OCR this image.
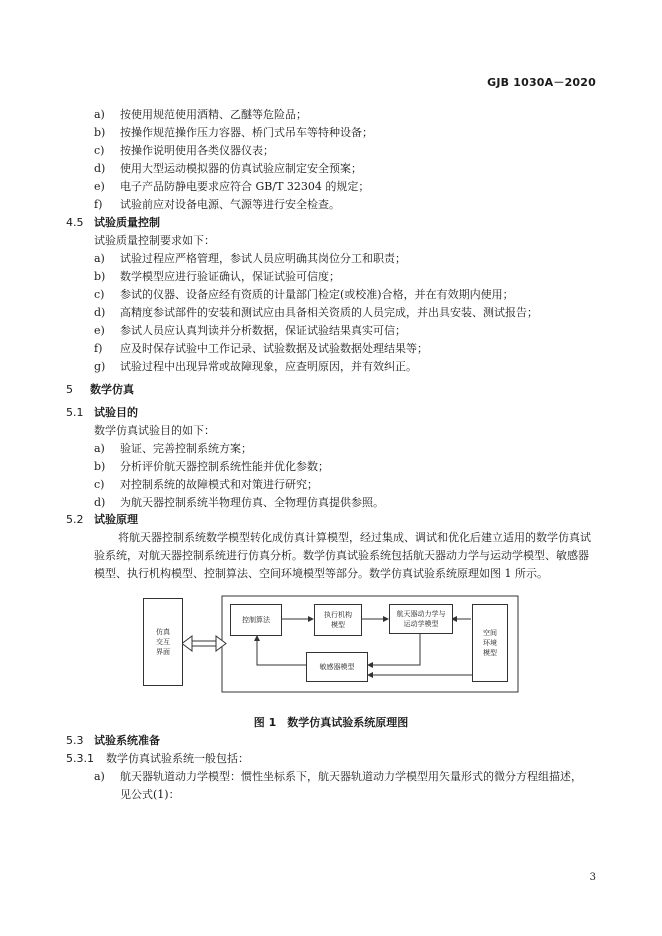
GJB 1030A－2020
a) 按使用规范使用酒精、乙醚等危险品；
b) 按操作规范操作压力容器、桥门式吊车等特种设备；
c) 按操作说明使用各类仪器仪表；
d) 使用大型运动模拟器的仿真试验应制定安全预案；
e) 电子产品防静电要求应符合 GB/T 32304 的规定；
f) 试验前应对设备电源、气源等进行安全检查。
4.5 试验质量控制
试验质量控制要求如下：
a) 试验过程应严格管理，参试人员应明确其岗位分工和职责；
b) 数学模型应进行验证确认，保证试验可信度；
c) 参试的仪器、设备应经有资质的计量部门检定(或校准)合格，并在有效期内使用；
d) 高精度参试部件的安装和测试应由具备相关资质的人员完成，并出具安装、测试报告；
e) 参试人员应认真判读并分析数据，保证试验结果真实可信；
f) 应及时保存试验中工作记录、试验数据及试验数据处理结果等；
g) 试验过程中出现异常或故障现象，应查明原因，并有效纠正。
5 数学仿真
5.1 试验目的
数学仿真试验目的如下：
a) 验证、完善控制系统方案；
b) 分析评价航天器控制系统性能并优化参数；
c) 对控制系统的故障模式和对策进行研究；
d) 为航天器控制系统半物理仿真、全物理仿真提供参照。
5.2 试验原理
将航天器控制系统数学模型转化成仿真计算模型，经过集成、调试和优化后建立适用的数学仿真试
验系统，对航天器控制系统进行仿真分析。数学仿真试验系统包括航天器动力学与运动学模型、敏感器
模型、执行机构模型、控制算法、空间环境模型等部分。数学仿真试验系统原理如图 1 所示。
仿真
交互
界面
控制算法
执行机构
模型
航天器动力学与
运动学模型
空间
环境
模型
敏感器模型
图 1　数学仿真试验系统原理图
5.3 试验系统准备
5.3.1 数学仿真试验系统一般包括：
a) 航天器轨道动力学模型：惯性坐标系下，航天器轨道动力学模型用矢量形式的微分方程组描述，
见公式(1)：
3
